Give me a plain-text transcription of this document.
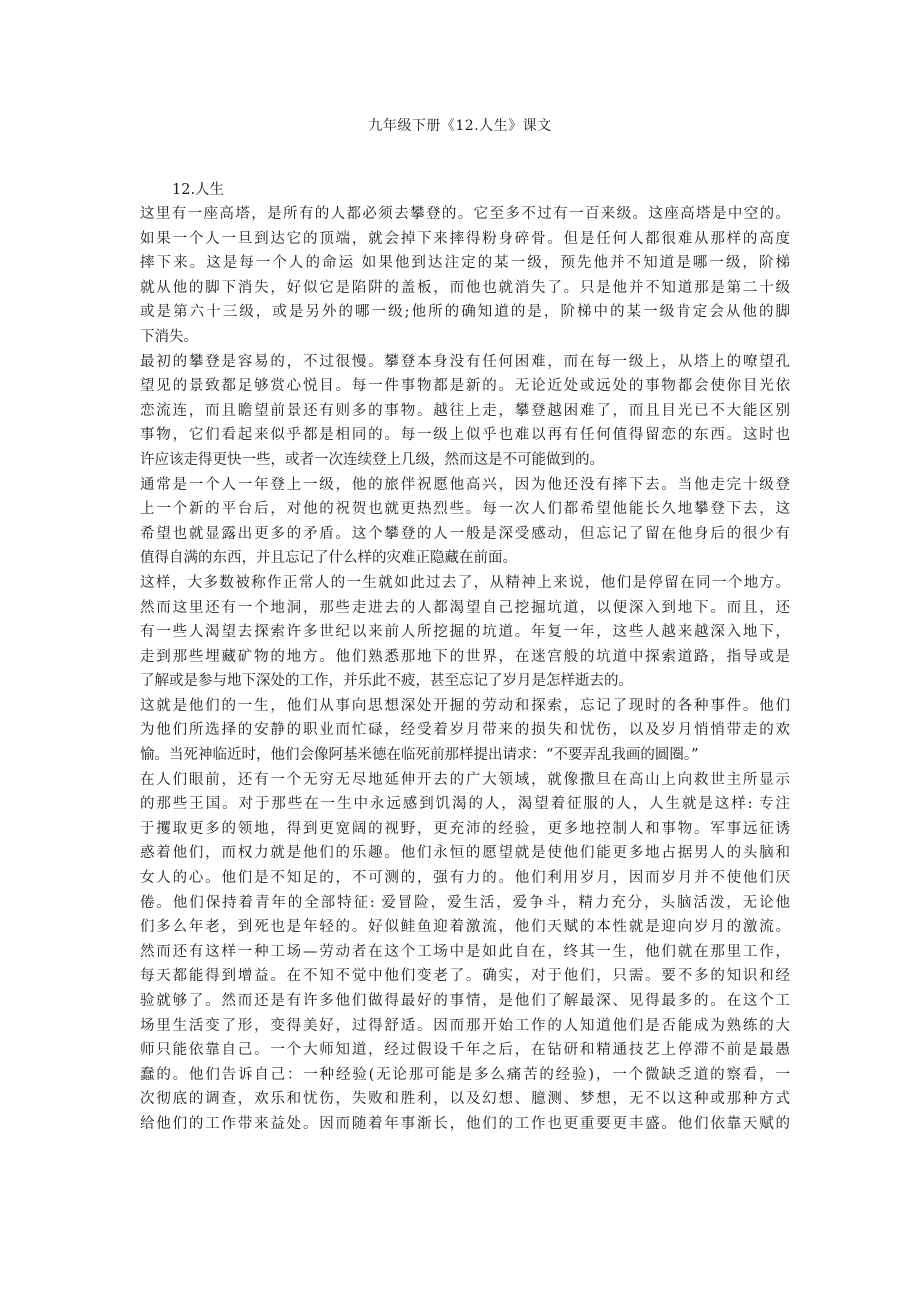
九年级下册《12.人生》课文
12.人生
这里有一座高塔，是所有的人都必须去攀登的。它至多不过有一百来级。这座高塔是中空的。
如果一个人一旦到达它的顶端，就会掉下来摔得粉身碎骨。但是任何人都很难从那样的高度
摔下来。这是每一个人的命运 如果他到达注定的某一级，预先他并不知道是哪一级，阶梯
就从他的脚下消失，好似它是陷阱的盖板，而他也就消失了。只是他并不知道那是第二十级
或是第六十三级，或是另外的哪一级;他所的确知道的是，阶梯中的某一级肯定会从他的脚
下消失。
最初的攀登是容易的，不过很慢。攀登本身没有任何困难，而在每一级上，从塔上的嘹望孔
望见的景致都足够赏心悦目。每一件事物都是新的。无论近处或远处的事物都会使你目光依
恋流连，而且瞻望前景还有则多的事物。越往上走，攀登越困难了，而且目光已不大能区别
事物，它们看起来似乎都是相同的。每一级上似乎也难以再有任何值得留恋的东西。这时也
许应该走得更快一些，或者一次连续登上几级，然而这是不可能做到的。
通常是一个人一年登上一级，他的旅伴祝愿他高兴，因为他还没有摔下去。当他走完十级登
上一个新的平台后，对他的祝贺也就更热烈些。每一次人们都希望他能长久地攀登下去，这
希望也就显露出更多的矛盾。这个攀登的人一般是深受感动，但忘记了留在他身后的很少有
值得自满的东西，并且忘记了什么样的灾难正隐藏在前面。
这样，大多数被称作正常人的一生就如此过去了，从精神上来说，他们是停留在同一个地方。
然而这里还有一个地洞，那些走进去的人都渴望自己挖掘坑道，以便深入到地下。而且，还
有一些人渴望去探索许多世纪以来前人所挖掘的坑道。年复一年，这些人越来越深入地下，
走到那些埋藏矿物的地方。他们熟悉那地下的世界，在迷宫般的坑道中探索道路，指导或是
了解或是参与地下深处的工作，并乐此不疲，甚至忘记了岁月是怎样逝去的。
这就是他们的一生，他们从事向思想深处开掘的劳动和探索，忘记了现时的各种事件。他们
为他们所选择的安静的职业而忙碌，经受着岁月带来的损失和忧伤，以及岁月悄悄带走的欢
愉。当死神临近时，他们会像阿基米德在临死前那样提出请求：“不要弄乱我画的圆圈。”
在人们眼前，还有一个无穷无尽地延伸开去的广大领域，就像撒旦在高山上向救世主所显示
的那些王国。对于那些在一生中永远感到饥渴的人，渴望着征服的人，人生就是这样: 专注
于攫取更多的领地，得到更宽阔的视野，更充沛的经验，更多地控制人和事物。军事远征诱
惑着他们，而权力就是他们的乐趣。他们永恒的愿望就是使他们能更多地占据男人的头脑和
女人的心。他们是不知足的，不可测的，强有力的。他们利用岁月，因而岁月并不使他们厌
倦。他们保持着青年的全部特征: 爱冒险，爱生活，爱争斗，精力充分，头脑活泼，无论他
们多么年老，到死也是年轻的。好似鲑鱼迎着激流，他们天赋的本性就是迎向岁月的激流。
然而还有这样一种工场—劳动者在这个工场中是如此自在，终其一生，他们就在那里工作，
每天都能得到增益。在不知不觉中他们变老了。确实，对于他们，只需。要不多的知识和经
验就够了。然而还是有许多他们做得最好的事情，是他们了解最深、见得最多的。在这个工
场里生活变了形，变得美好，过得舒适。因而那开始工作的人知道他们是否能成为熟练的大
师只能依靠自己。一个大师知道，经过假设千年之后，在钻研和精通技艺上停滞不前是最愚
蠢的。他们告诉自己：一种经验(无论那可能是多么痛苦的经验)，一个微缺乏道的察看，一
次彻底的调查，欢乐和忧伤，失败和胜利，以及幻想、臆测、梦想，无不以这种或那种方式
给他们的工作带来益处。因而随着年事渐长，他们的工作也更重要更丰盛。他们依靠天赋的
